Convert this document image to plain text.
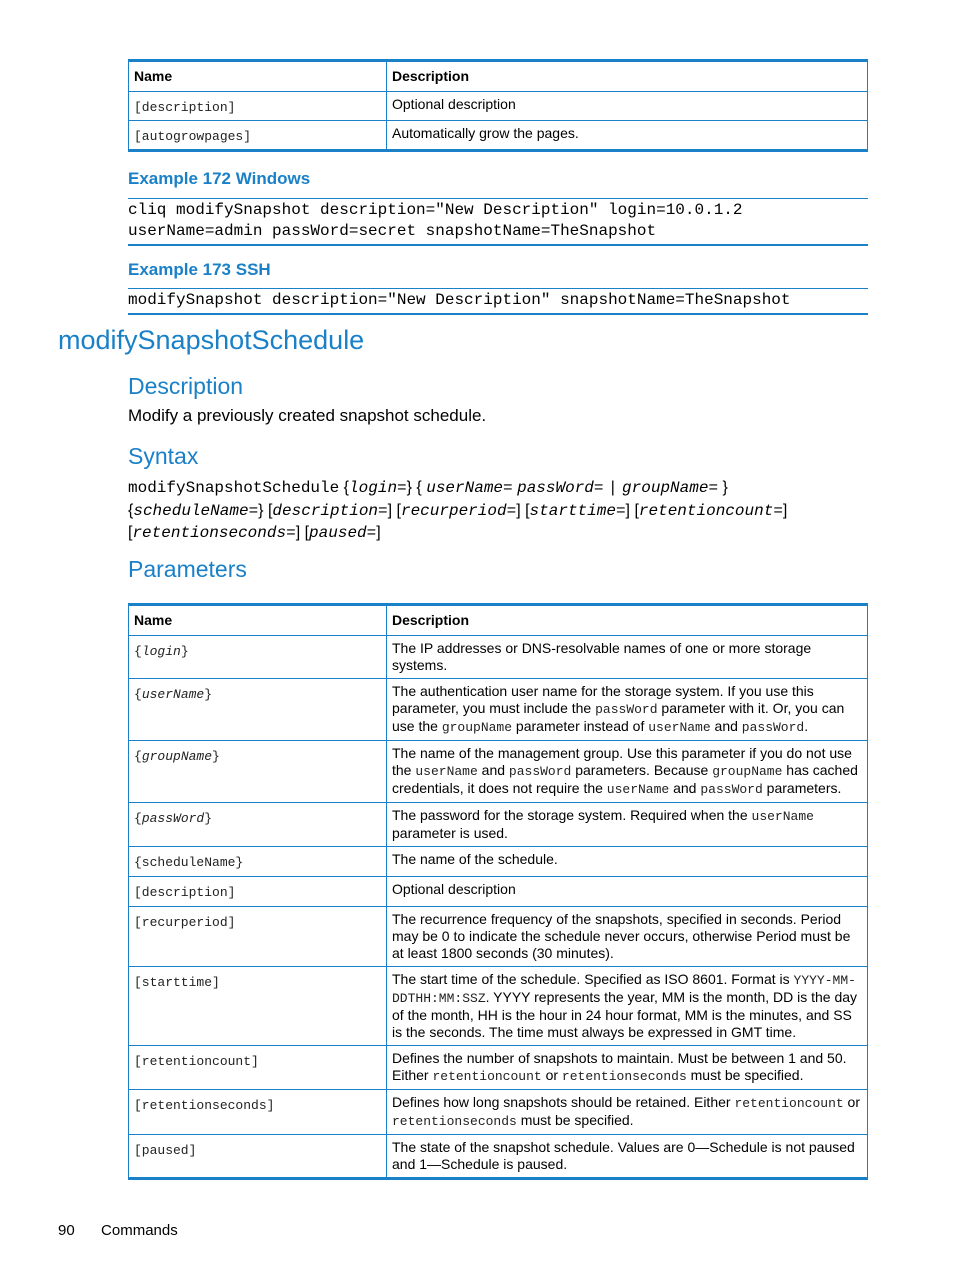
Name	Description
[description]	Optional description
[autogrowpages]	Automatically grow the pages.
Example 172 Windows
cliq modifySnapshot description="New Description" login=10.0.1.2
userName=admin passWord=secret snapshotName=TheSnapshot
Example 173 SSH
modifySnapshot description="New Description" snapshotName=TheSnapshot
modifySnapshotSchedule
Description
Modify a previously created snapshot schedule.
Syntax
modifySnapshotSchedule {login=} { userName= passWord= | groupName= }
{scheduleName=} [description=] [recurperiod=] [starttime=] [retentioncount=]
[retentionseconds=] [paused=]
Parameters
Name	Description
{login}	The IP addresses or DNS-resolvable names of one or more storage systems.
{userName}	The authentication user name for the storage system. If you use this parameter, you must include the passWord parameter with it. Or, you can use the groupName parameter instead of userName and passWord.
{groupName}	The name of the management group. Use this parameter if you do not use the userName and passWord parameters. Because groupName has cached credentials, it does not require the userName and passWord parameters.
{passWord}	The password for the storage system. Required when the userName parameter is used.
{scheduleName}	The name of the schedule.
[description]	Optional description
[recurperiod]	The recurrence frequency of the snapshots, specified in seconds. Period may be 0 to indicate the schedule never occurs, otherwise Period must be at least 1800 seconds (30 minutes).
[starttime]	The start time of the schedule. Specified as ISO 8601. Format is YYYY-MM-DDTHH:MM:SSZ. YYYY represents the year, MM is the month, DD is the day of the month, HH is the hour in 24 hour format, MM is the minutes, and SS is the seconds. The time must always be expressed in GMT time.
[retentioncount]	Defines the number of snapshots to maintain. Must be between 1 and 50. Either retentioncount or retentionseconds must be specified.
[retentionseconds]	Defines how long snapshots should be retained. Either retentioncount or retentionseconds must be specified.
[paused]	The state of the snapshot schedule. Values are 0—Schedule is not paused and 1—Schedule is paused.
90 Commands
